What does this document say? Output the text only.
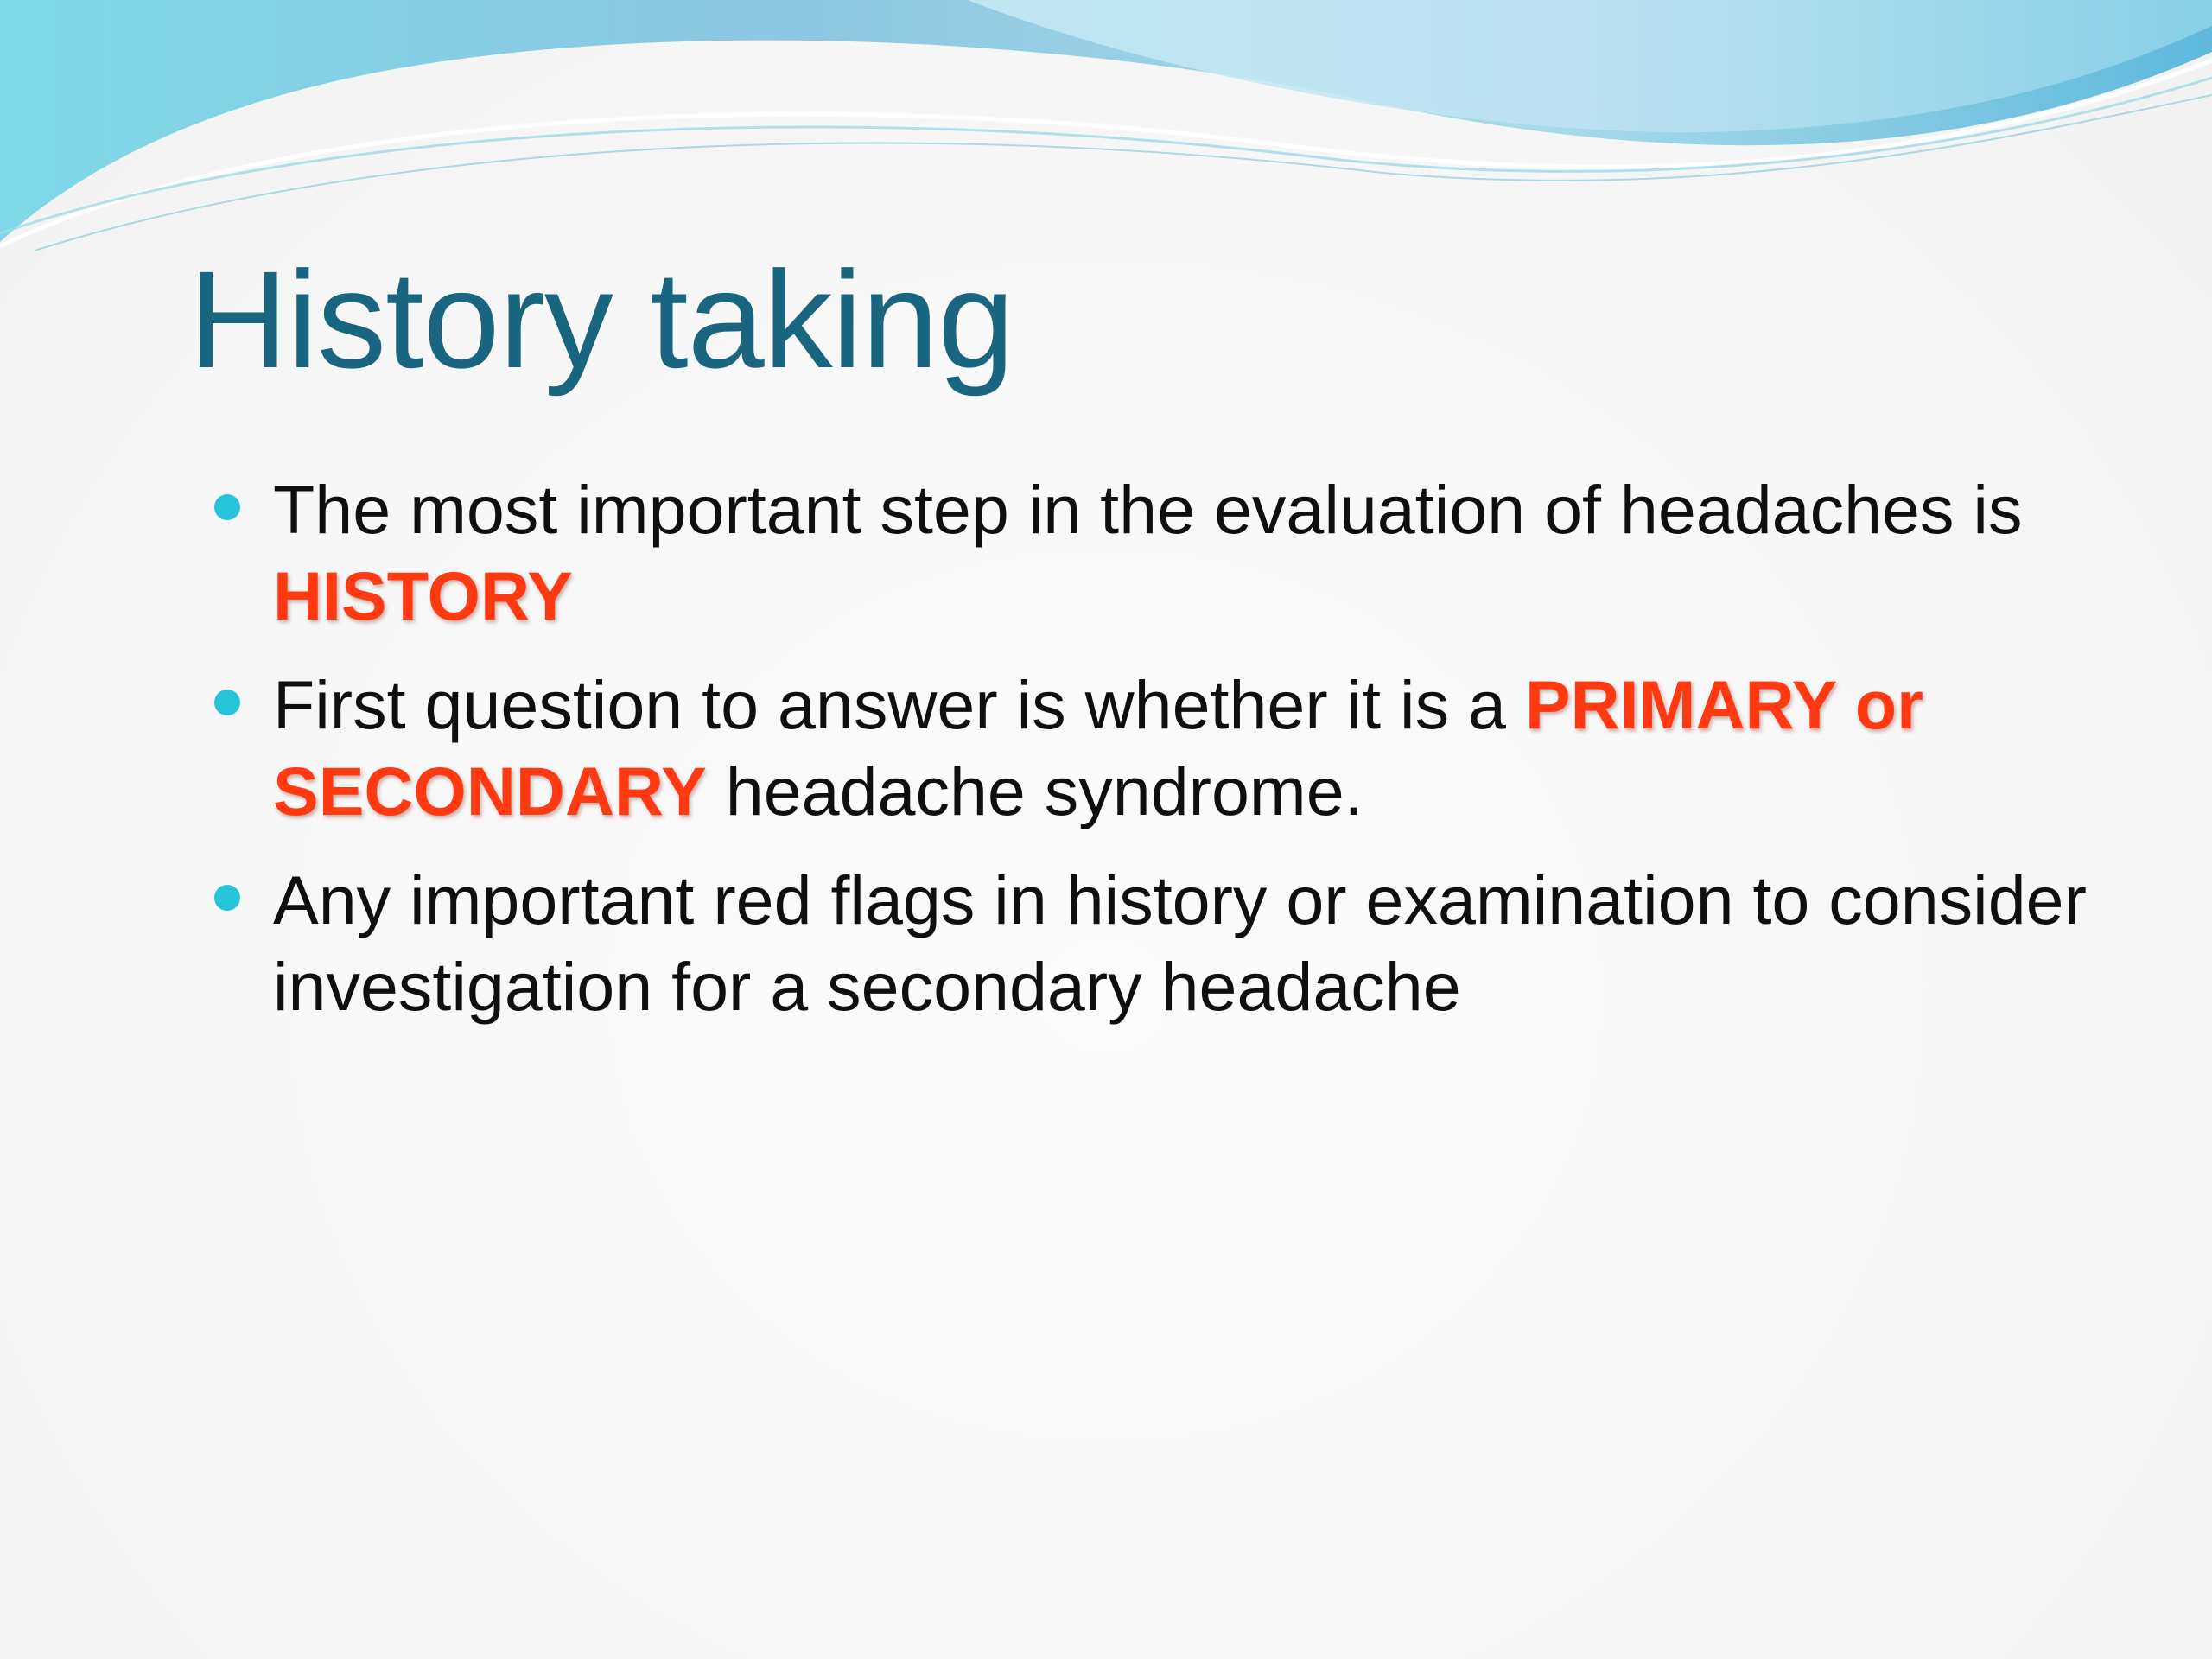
History taking
The most important step in the evaluation of headaches is HISTORY
First question to answer is whether it is a PRIMARY or SECONDARY headache syndrome.
Any important red flags in history or examination to consider investigation for a secondary headache
